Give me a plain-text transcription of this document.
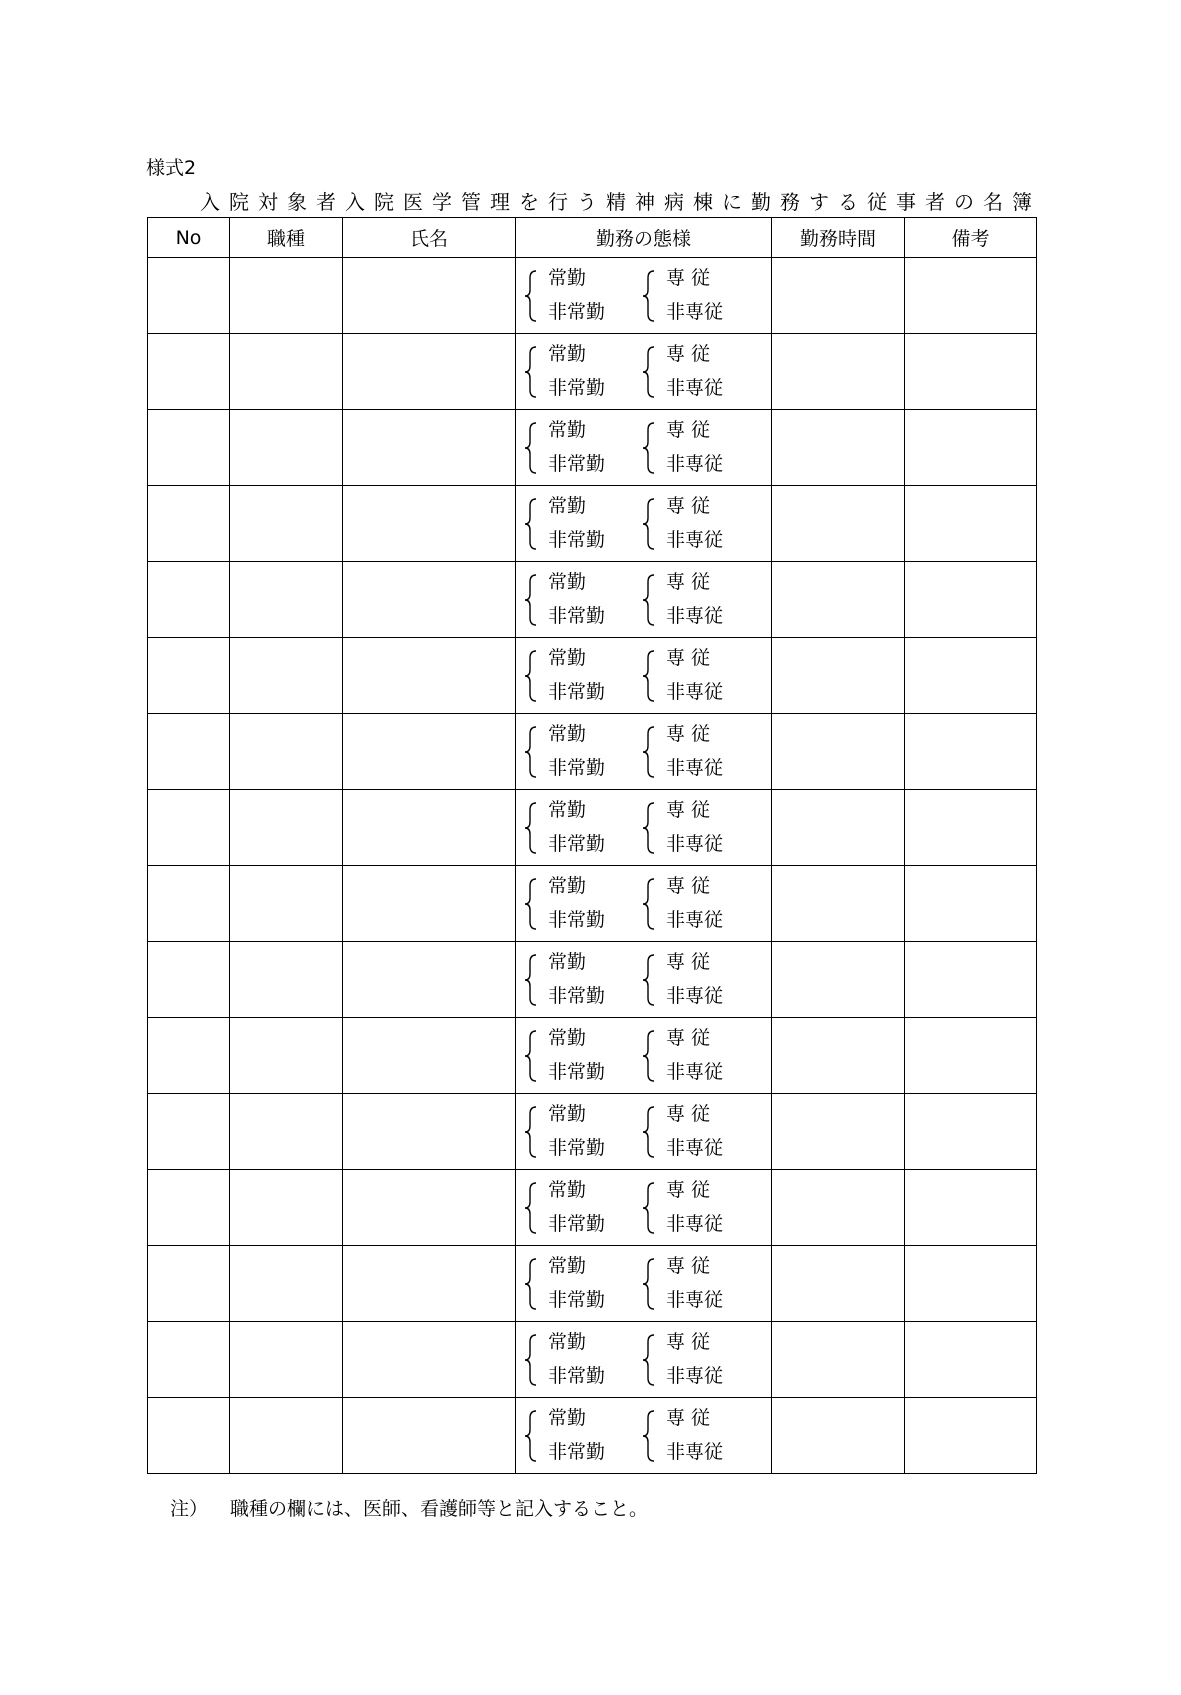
様式2
入院対象者入院医学管理を行う精神病棟に勤務する従事者の名簿
No	職種	氏名	勤務の態様	勤務時間	備考

			常勤
非常勤
専 従
非専従		

			常勤
非常勤
専 従
非専従		

			常勤
非常勤
専 従
非専従		

			常勤
非常勤
専 従
非専従		

			常勤
非常勤
専 従
非専従		

			常勤
非常勤
専 従
非専従		

			常勤
非常勤
専 従
非専従		

			常勤
非常勤
専 従
非専従		

			常勤
非常勤
専 従
非専従		

			常勤
非常勤
専 従
非専従		

			常勤
非常勤
専 従
非専従		

			常勤
非常勤
専 従
非専従		

			常勤
非常勤
専 従
非専従		

			常勤
非常勤
専 従
非専従		

			常勤
非常勤
専 従
非専従		

			常勤
非常勤
専 従
非専従		

注） 職種の欄には、医師、看護師等と記入すること。
